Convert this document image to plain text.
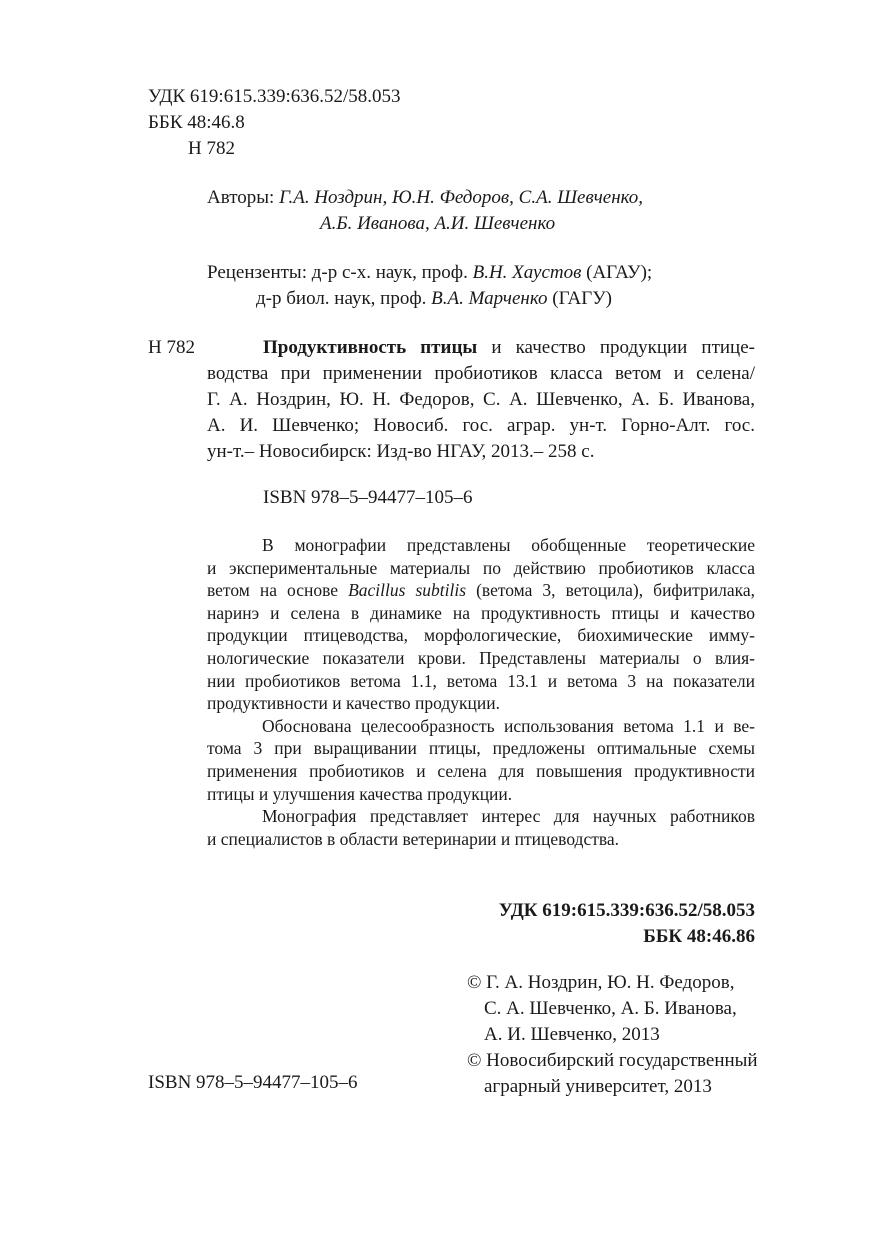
УДК 619:615.339:636.52/58.053
ББК 48:46.8
Н 782
Авторы: Г.А. Ноздрин, Ю.Н. Федоров, С.А. Шевченко,
А.Б. Иванова, А.И. Шевченко
Рецензенты: д-р с-х. наук, проф. В.Н. Хаустов (АГАУ);
д-р биол. наук, проф. В.А. Марченко (ГАГУ)
Н 782	Продуктивность птицы и качество продукции птице-
водства при применении пробиотиков класса ветом и селена/
Г. А. Ноздрин, Ю. Н. Федоров, С. А. Шевченко, А. Б. Иванова,
А. И. Шевченко; Новосиб. гос. аграр. ун-т. Горно-Алт. гос.
ун-т.– Новосибирск: Изд-во НГАУ, 2013.– 258 с.
ISBN 978–5–94477–105–6
В монографии представлены обобщенные теоретические
и экспериментальные материалы по действию пробиотиков класса
ветом на основе Bacillus subtilis (ветома 3, ветоцила), бифитрилака,
наринэ и селена в динамике на продуктивность птицы и качество
продукции птицеводства, морфологические, биохимические имму-
нологические показатели крови. Представлены материалы о влия-
нии пробиотиков ветома 1.1, ветома 13.1 и ветома 3 на показатели
продуктивности и качество продукции.
Обоснована целесообразность использования ветома 1.1 и ве-
тома 3 при выращивании птицы, предложены оптимальные схемы
применения пробиотиков и селена для повышения продуктивности
птицы и улучшения качества продукции.
Монография представляет интерес для научных работников
и специалистов в области ветеринарии и птицеводства.
УДК 619:615.339:636.52/58.053
ББК 48:46.86
© Г. А. Ноздрин, Ю. Н. Федоров,
С. А. Шевченко, А. Б. Иванова,
А. И. Шевченко, 2013
© Новосибирский государственный
аграрный университет, 2013
ISBN 978–5–94477–105–6
